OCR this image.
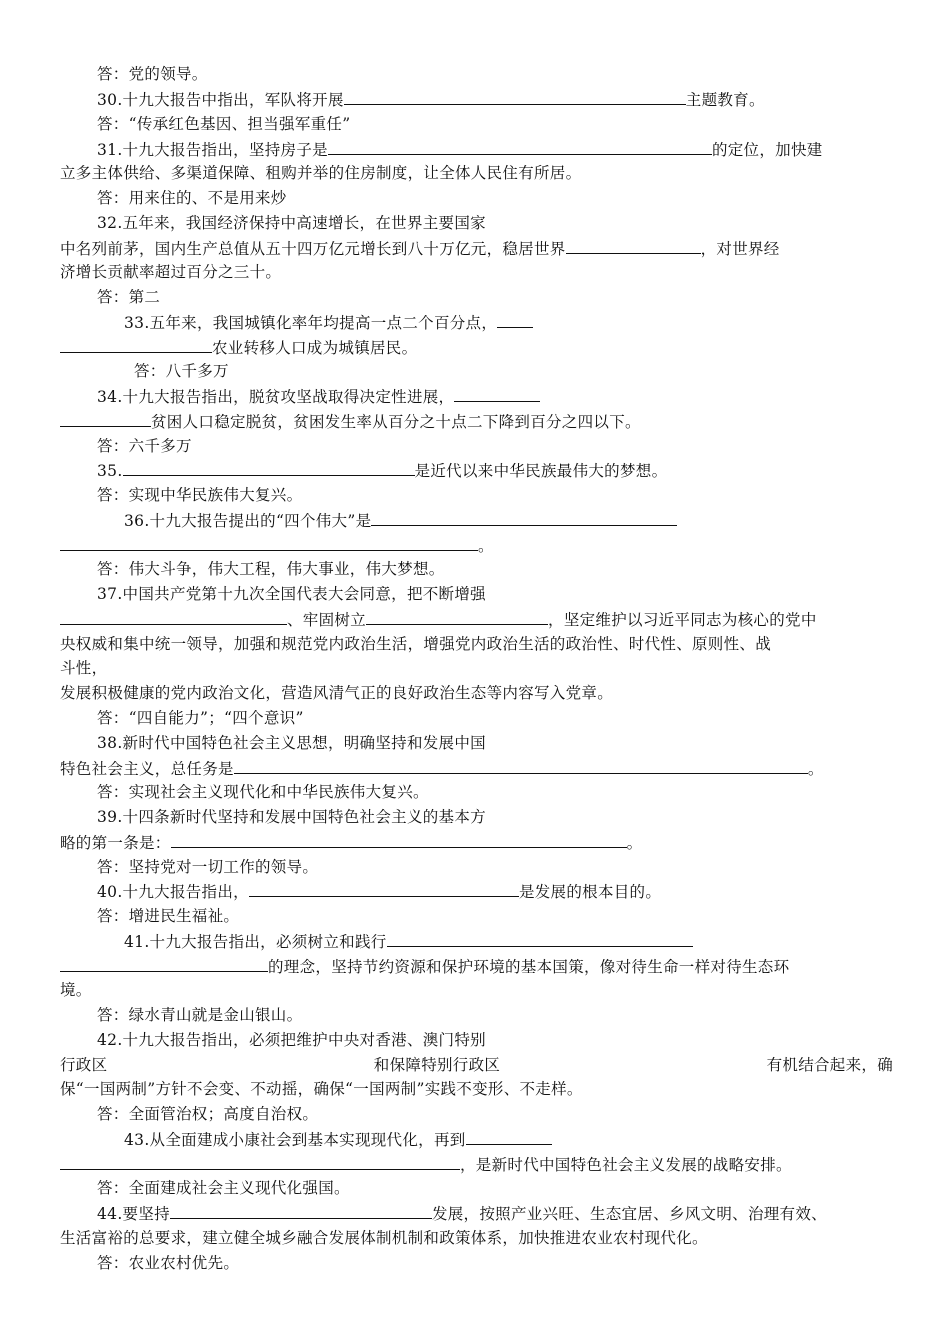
答：党的领导。
30.十九大报告中指出，军队将开展	主题教育。
答：“传承红色基因、担当强军重任”
31.十九大报告指出，坚持房子是	的定位，加快建
立多主体供给、多渠道保障、租购并举的住房制度，让全体人民住有所居。
答：用来住的、不是用来炒
32.五年来，我国经济保持中高速增长，在世界主要国家
中名列前茅，国内生产总值从五十四万亿元增长到八十万亿元，稳居世界	，对世界经
济增长贡献率超过百分之三十。
答：第二
33.五年来，我国城镇化率年均提高一点二个百分点，
农业转移人口成为城镇居民。
答：八千多万
34.十九大报告指出，脱贫攻坚战取得决定性进展，
贫困人口稳定脱贫，贫困发生率从百分之十点二下降到百分之四以下。
答：六千多万
35.	是近代以来中华民族最伟大的梦想。
答：实现中华民族伟大复兴。
36.十九大报告提出的“四个伟大”是
。
答：伟大斗争，伟大工程，伟大事业，伟大梦想。
37.中国共产党第十九次全国代表大会同意，把不断增强
、牢固树立	，坚定维护以习近平同志为核心的党中
央权威和集中统一领导，加强和规范党内政治生活，增强党内政治生活的政治性、时代性、原则性、战
斗性，
发展积极健康的党内政治文化，营造风清气正的良好政治生态等内容写入党章。
答：“四自能力”；“四个意识”
38.新时代中国特色社会主义思想，明确坚持和发展中国
特色社会主义，总任务是	。
答：实现社会主义现代化和中华民族伟大复兴。
39.十四条新时代坚持和发展中国特色社会主义的基本方
略的第一条是：	。
答：坚持党对一切工作的领导。
40.十九大报告指出，	是发展的根本目的。
答：增进民生福祉。
41.十九大报告指出，必须树立和践行
的理念，坚持节约资源和保护环境的基本国策，像对待生命一样对待生态环
境。
答：绿水青山就是金山银山。
42.十九大报告指出，必须把维护中央对香港、澳门特别
行政区	和保障特别行政区	有机结合起来，确
保“一国两制”方针不会变、不动摇，确保“一国两制”实践不变形、不走样。
答：全面管治权；高度自治权。
43.从全面建成小康社会到基本实现现代化，再到
，是新时代中国特色社会主义发展的战略安排。
答：全面建成社会主义现代化强国。
44.要坚持	发展，按照产业兴旺、生态宜居、乡风文明、治理有效、
生活富裕的总要求，建立健全城乡融合发展体制机制和政策体系，加快推进农业农村现代化。
答：农业农村优先。
